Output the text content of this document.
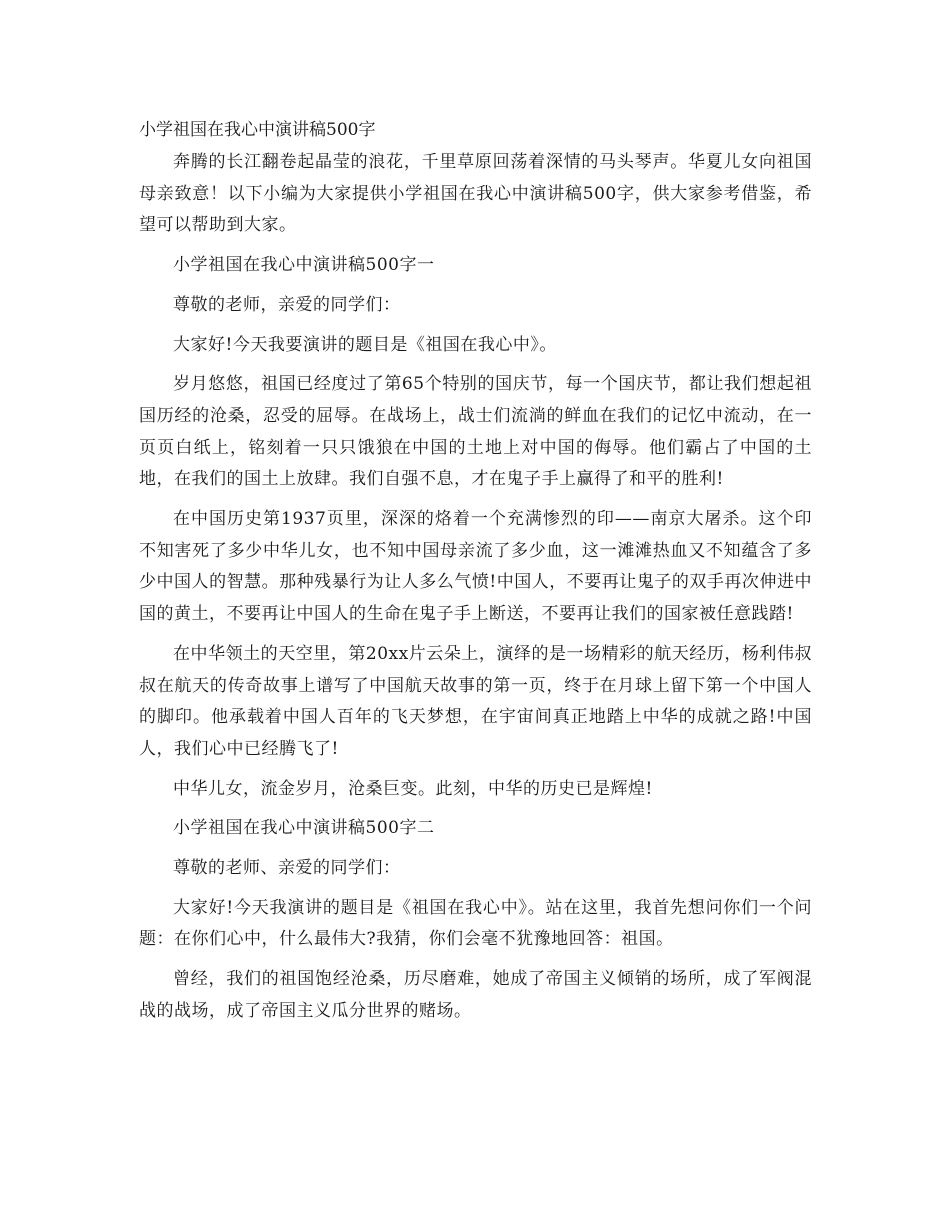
小学祖国在我心中演讲稿500字

奔腾的长江翻卷起晶莹的浪花，千里草原回荡着深情的马头琴声。华夏儿女向祖国母亲致意！以下小编为大家提供小学祖国在我心中演讲稿500字，供大家参考借鉴，希望可以帮助到大家。

小学祖国在我心中演讲稿500字一

尊敬的老师，亲爱的同学们：

大家好!今天我要演讲的题目是《祖国在我心中》。

岁月悠悠，祖国已经度过了第65个特别的国庆节，每一个国庆节，都让我们想起祖国历经的沧桑，忍受的屈辱。在战场上，战士们流淌的鲜血在我们的记忆中流动，在一页页白纸上，铭刻着一只只饿狼在中国的土地上对中国的侮辱。他们霸占了中国的土地，在我们的国土上放肆。我们自强不息，才在鬼子手上赢得了和平的胜利!

在中国历史第1937页里，深深的烙着一个充满惨烈的印——南京大屠杀。这个印不知害死了多少中华儿女，也不知中国母亲流了多少血，这一滩滩热血又不知蕴含了多少中国人的智慧。那种残暴行为让人多么气愤!中国人，不要再让鬼子的双手再次伸进中国的黄土，不要再让中国人的生命在鬼子手上断送，不要再让我们的国家被任意践踏!

在中华领土的天空里，第20xx片云朵上，演绎的是一场精彩的航天经历，杨利伟叔叔在航天的传奇故事上谱写了中国航天故事的第一页，终于在月球上留下第一个中国人的脚印。他承载着中国人百年的飞天梦想，在宇宙间真正地踏上中华的成就之路!中国人，我们心中已经腾飞了!

中华儿女，流金岁月，沧桑巨变。此刻，中华的历史已是辉煌!

小学祖国在我心中演讲稿500字二

尊敬的老师、亲爱的同学们：

大家好!今天我演讲的题目是《祖国在我心中》。站在这里，我首先想问你们一个问题：在你们心中，什么最伟大?我猜，你们会毫不犹豫地回答：祖国。

曾经，我们的祖国饱经沧桑，历尽磨难，她成了帝国主义倾销的场所，成了军阀混战的战场，成了帝国主义瓜分世界的赌场。
